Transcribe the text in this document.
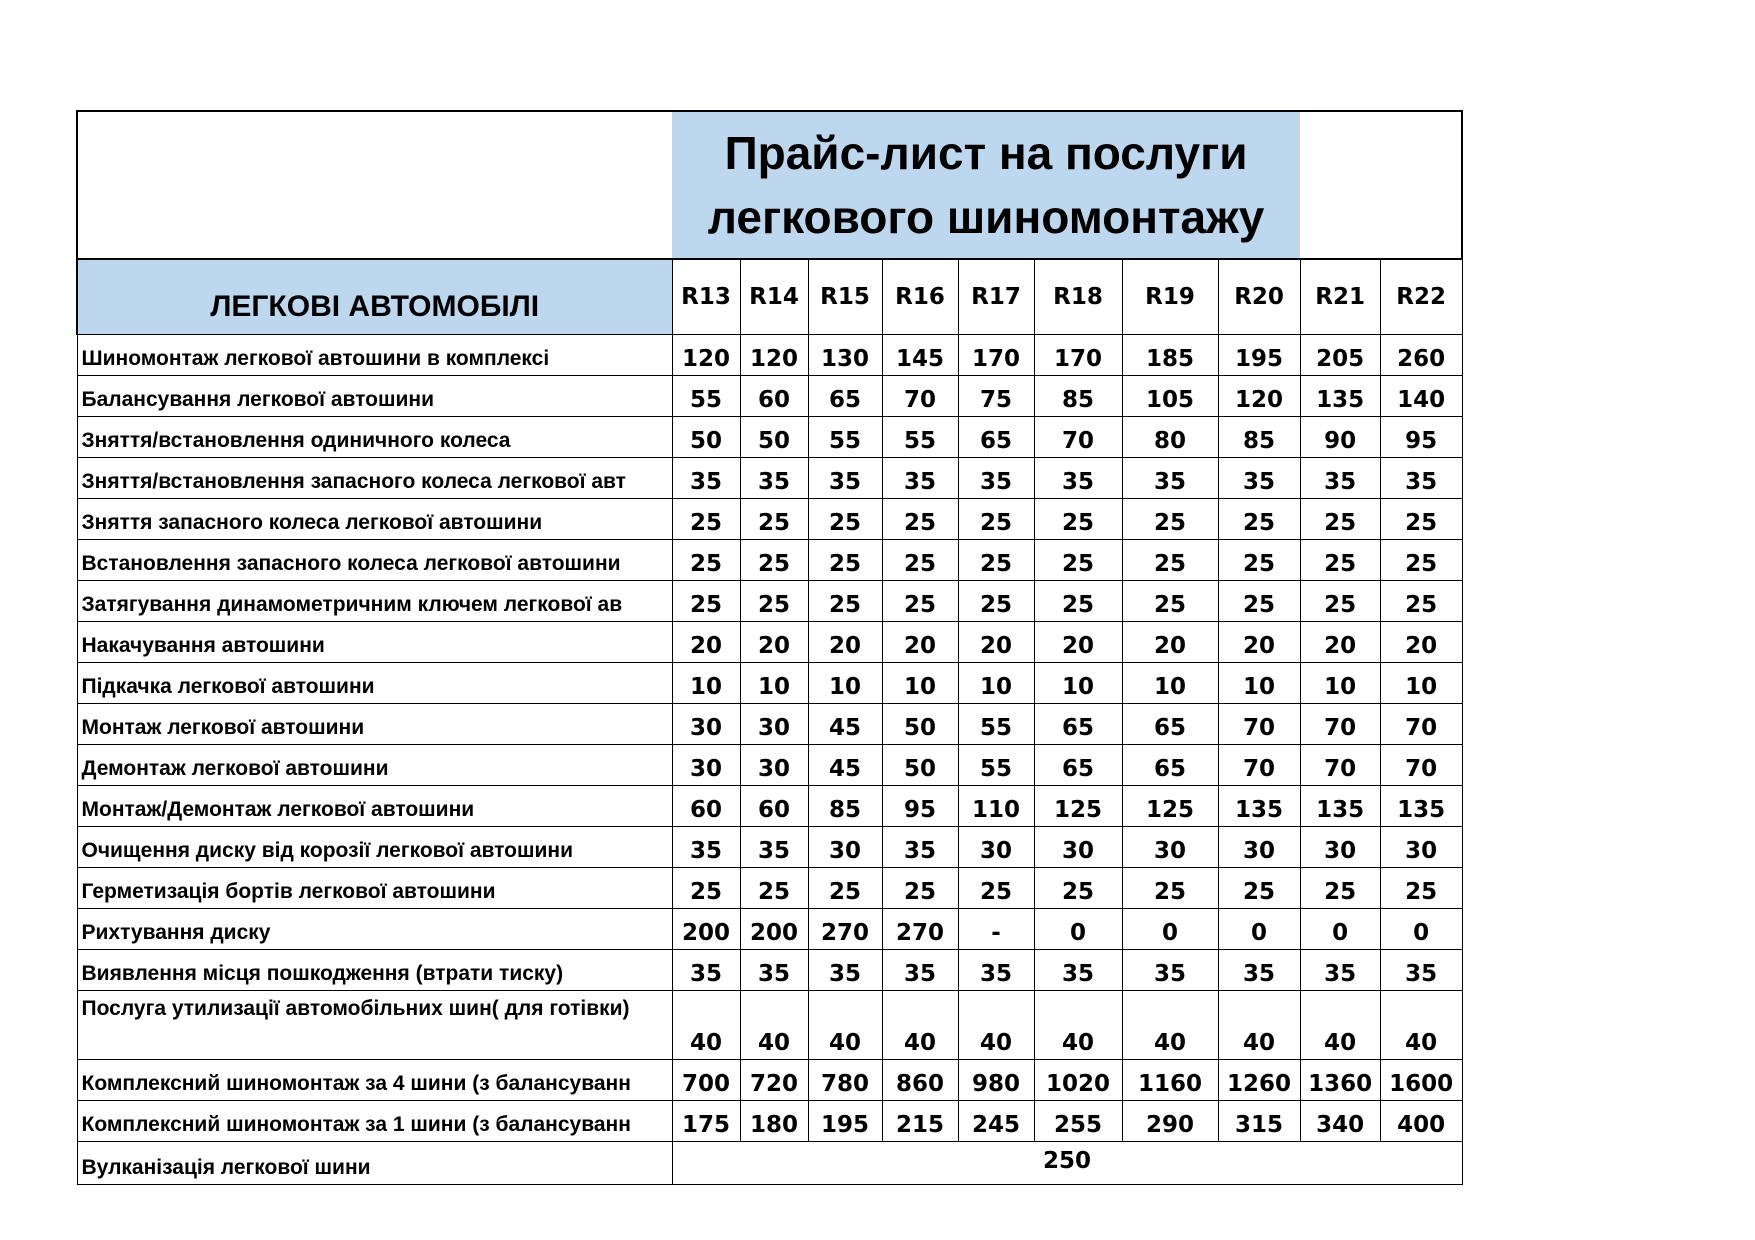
	Прайс-лист на послуги
легкового шиномонтажу									

ЛЕГКОВІ АВТОМОБІЛІ	R13	R14	R15	R16	R17	R18	R19	R20	R21	R22
Шиномонтаж легкової автошини в комплексі	120	120	130	145	170	170	185	195	205	260
Балансування легкової автошини	55	60	65	70	75	85	105	120	135	140
Зняття/встановлення одиничного колеса	50	50	55	55	65	70	80	85	90	95
Зняття/встановлення запасного колеса легкової авт	35	35	35	35	35	35	35	35	35	35
Зняття запасного колеса легкової автошини	25	25	25	25	25	25	25	25	25	25
Встановлення запасного колеса легкової автошини	25	25	25	25	25	25	25	25	25	25
Затягування динамометричним ключем легкової ав	25	25	25	25	25	25	25	25	25	25
Накачування автошини	20	20	20	20	20	20	20	20	20	20
Підкачка легкової автошини	10	10	10	10	10	10	10	10	10	10
Монтаж легкової автошини	30	30	45	50	55	65	65	70	70	70
Демонтаж легкової автошини	30	30	45	50	55	65	65	70	70	70
Монтаж/Демонтаж легкової автошини	60	60	85	95	110	125	125	135	135	135
Очищення диску від корозії легкової автошини	35	35	30	35	30	30	30	30	30	30
Герметизація бортів легкової автошини	25	25	25	25	25	25	25	25	25	25
Рихтування диску	200	200	270	270	-	0	0	0	0	0
Виявлення місця пошкодження (втрати тиску)	35	35	35	35	35	35	35	35	35	35
Послуга утилизації автомобільних шин( для готівки)	40	40	40	40	40	40	40	40	40	40
Комплексний шиномонтаж за 4 шини (з балансуванн	700	720	780	860	980	1020	1160	1260	1360	1600
Комплексний шиномонтаж за 1 шини (з балансуванн	175	180	195	215	245	255	290	315	340	400
Вулканізація легкової шини	250									
